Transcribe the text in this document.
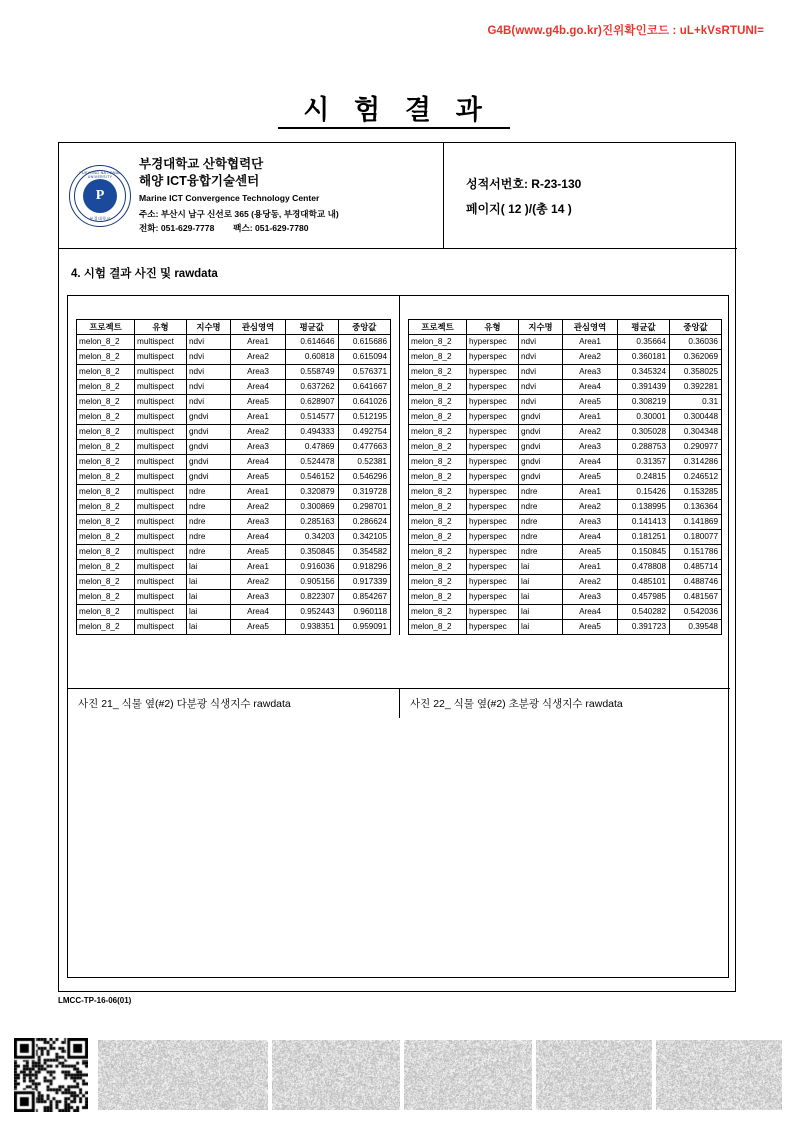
G4B(www.g4b.go.kr)진위확인코드 : uL+kVsRTUNI=
시 험 결 과
PUKYONG NATIONAL UNIVERSITY
P
부경대학교
부경대학교 산학협력단
해양 ICT융합기술센터
Marine ICT Convergence Technology Center
주소: 부산시 남구 신선로 365 (용당동, 부경대학교 내)
전화: 051-629-7778 팩스: 051-629-7780
성적서번호: R-23-130
페이지( 12 )/(총 14 )
4. 시험 결과 사진 및 rawdata
프로젝트	유형	지수명	관심영역	평균값	중앙값
melon_8_2	multispect	ndvi	Area1	0.614646	0.615686
melon_8_2	multispect	ndvi	Area2	0.60818	0.615094
melon_8_2	multispect	ndvi	Area3	0.558749	0.576371
melon_8_2	multispect	ndvi	Area4	0.637262	0.641667
melon_8_2	multispect	ndvi	Area5	0.628907	0.641026
melon_8_2	multispect	gndvi	Area1	0.514577	0.512195
melon_8_2	multispect	gndvi	Area2	0.494333	0.492754
melon_8_2	multispect	gndvi	Area3	0.47869	0.477663
melon_8_2	multispect	gndvi	Area4	0.524478	0.52381
melon_8_2	multispect	gndvi	Area5	0.546152	0.546296
melon_8_2	multispect	ndre	Area1	0.320879	0.319728
melon_8_2	multispect	ndre	Area2	0.300869	0.298701
melon_8_2	multispect	ndre	Area3	0.285163	0.286624
melon_8_2	multispect	ndre	Area4	0.34203	0.342105
melon_8_2	multispect	ndre	Area5	0.350845	0.354582
melon_8_2	multispect	lai	Area1	0.916036	0.918296
melon_8_2	multispect	lai	Area2	0.905156	0.917339
melon_8_2	multispect	lai	Area3	0.822307	0.854267
melon_8_2	multispect	lai	Area4	0.952443	0.960118
melon_8_2	multispect	lai	Area5	0.938351	0.959091
프로젝트	유형	지수명	관심영역	평균값	중앙값
melon_8_2	hyperspec	ndvi	Area1	0.35664	0.36036
melon_8_2	hyperspec	ndvi	Area2	0.360181	0.362069
melon_8_2	hyperspec	ndvi	Area3	0.345324	0.358025
melon_8_2	hyperspec	ndvi	Area4	0.391439	0.392281
melon_8_2	hyperspec	ndvi	Area5	0.308219	0.31
melon_8_2	hyperspec	gndvi	Area1	0.30001	0.300448
melon_8_2	hyperspec	gndvi	Area2	0.305028	0.304348
melon_8_2	hyperspec	gndvi	Area3	0.288753	0.290977
melon_8_2	hyperspec	gndvi	Area4	0.31357	0.314286
melon_8_2	hyperspec	gndvi	Area5	0.24815	0.246512
melon_8_2	hyperspec	ndre	Area1	0.15426	0.153285
melon_8_2	hyperspec	ndre	Area2	0.138995	0.136364
melon_8_2	hyperspec	ndre	Area3	0.141413	0.141869
melon_8_2	hyperspec	ndre	Area4	0.181251	0.180077
melon_8_2	hyperspec	ndre	Area5	0.150845	0.151786
melon_8_2	hyperspec	lai	Area1	0.478808	0.485714
melon_8_2	hyperspec	lai	Area2	0.485101	0.488746
melon_8_2	hyperspec	lai	Area3	0.457985	0.481567
melon_8_2	hyperspec	lai	Area4	0.540282	0.542036
melon_8_2	hyperspec	lai	Area5	0.391723	0.39548
사진 21_ 식물 옆(#2) 다분광 식생지수 rawdata	사진 22_ 식물 옆(#2) 초분광 식생지수 rawdata
LMCC-TP-16-06(01)
